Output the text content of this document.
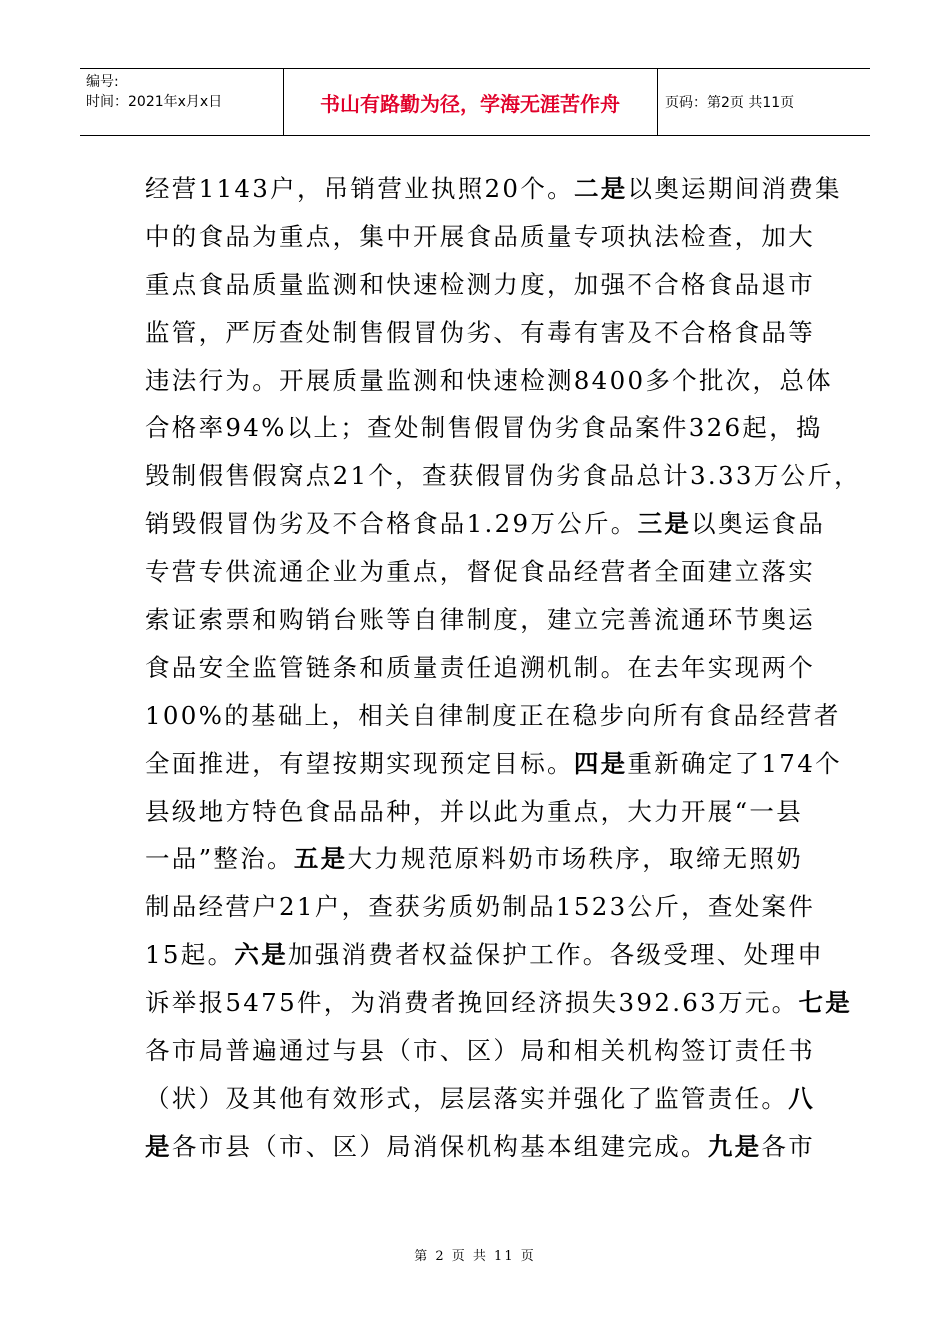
编号:
时间：2021年x月x日	书山有路勤为径，学海无涯苦作舟	页码：第2页 共11页
经营1143户，吊销营业执照20个。二是以奥运期间消费集
中的食品为重点，集中开展食品质量专项执法检查，加大
重点食品质量监测和快速检测力度，加强不合格食品退市
监管，严厉查处制售假冒伪劣、有毒有害及不合格食品等
违法行为。开展质量监测和快速检测8400多个批次，总体
合格率94%以上；查处制售假冒伪劣食品案件326起，捣
毁制假售假窝点21个，查获假冒伪劣食品总计3.33万公斤，
销毁假冒伪劣及不合格食品1.29万公斤。三是以奥运食品
专营专供流通企业为重点，督促食品经营者全面建立落实
索证索票和购销台账等自律制度，建立完善流通环节奥运
食品安全监管链条和质量责任追溯机制。在去年实现两个
100%的基础上，相关自律制度正在稳步向所有食品经营者
全面推进，有望按期实现预定目标。四是重新确定了174个
县级地方特色食品品种，并以此为重点，大力开展“一县
一品”整治。五是大力规范原料奶市场秩序，取缔无照奶
制品经营户21户，查获劣质奶制品1523公斤，查处案件
15起。六是加强消费者权益保护工作。各级受理、处理申
诉举报5475件，为消费者挽回经济损失392.63万元。七是
各市局普遍通过与县（市、区）局和相关机构签订责任书
（状）及其他有效形式，层层落实并强化了监管责任。八
是各市县（市、区）局消保机构基本组建完成。九是各市
第 2 页 共 11 页
